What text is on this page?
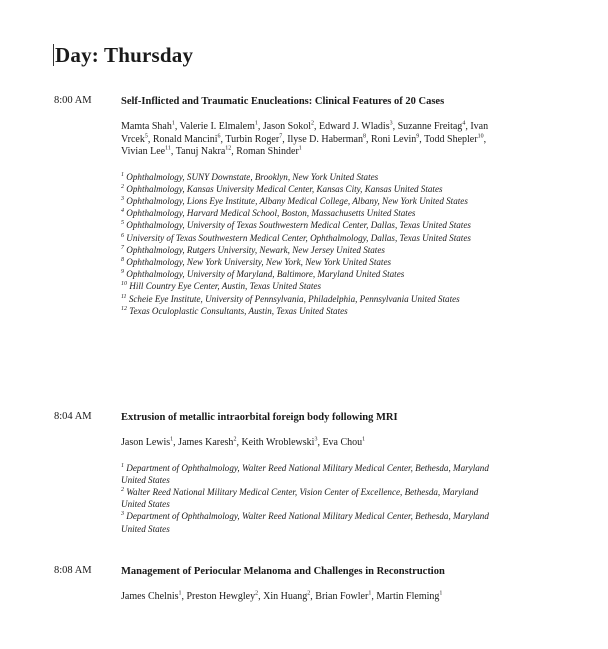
Day: Thursday
8:00 AM	Self-Inflicted and Traumatic Enucleations: Clinical Features of 20 Cases
Mamta Shah$^1$, Valerie I. Elmalem$^1$, Jason Sokol$^2$, Edward J. Wladis$^3$, Suzanne Freitag$^4$, Ivan Vrcek$^5$, Ronald Mancini$^6$, Turbin Roger$^7$, Ilyse D. Haberman$^8$, Roni Levin$^9$, Todd Shepler$^{10}$, Vivian Lee$^{11}$, Tanuj Nakra$^{12}$, Roman Shinder$^1$
$^1$ Ophthalmology, SUNY Downstate, Brooklyn, New York United States
$^2$ Ophthalmology, Kansas University Medical Center, Kansas City, Kansas United States
$^3$ Ophthalmology, Lions Eye Institute, Albany Medical College, Albany, New York United States
$^4$ Ophthalmology, Harvard Medical School, Boston, Massachusetts United States
$^5$ Ophthalmology, University of Texas Southwestern Medical Center, Dallas, Texas United States
$^6$ University of Texas Southwestern Medical Center, Ophthalmology, Dallas, Texas United States
$^7$ Ophthalmology, Rutgers University, Newark, New Jersey United States
$^8$ Ophthalmology, New York University, New York, New York United States
$^9$ Ophthalmology, University of Maryland, Baltimore, Maryland United States
$^{10}$ Hill Country Eye Center, Austin, Texas United States
$^{11}$ Scheie Eye Institute, University of Pennsylvania, Philadelphia, Pennsylvania United States
$^{12}$ Texas Oculoplastic Consultants, Austin, Texas United States
8:04 AM	Extrusion of metallic intraorbital foreign body following MRI
Jason Lewis$^1$, James Karesh$^2$, Keith Wroblewski$^3$, Eva Chou$^1$
$^1$ Department of Ophthalmology, Walter Reed National Military Medical Center, Bethesda, Maryland United States
$^2$ Walter Reed National Military Medical Center, Vision Center of Excellence, Bethesda, Maryland United States
$^3$ Department of Ophthalmology, Walter Reed National Military Medical Center, Bethesda, Maryland United States
8:08 AM	Management of Periocular Melanoma and Challenges in Reconstruction
James Chelnis$^1$, Preston Hewgley$^2$, Xin Huang$^2$, Brian Fowler$^1$, Martin Fleming$^1$
